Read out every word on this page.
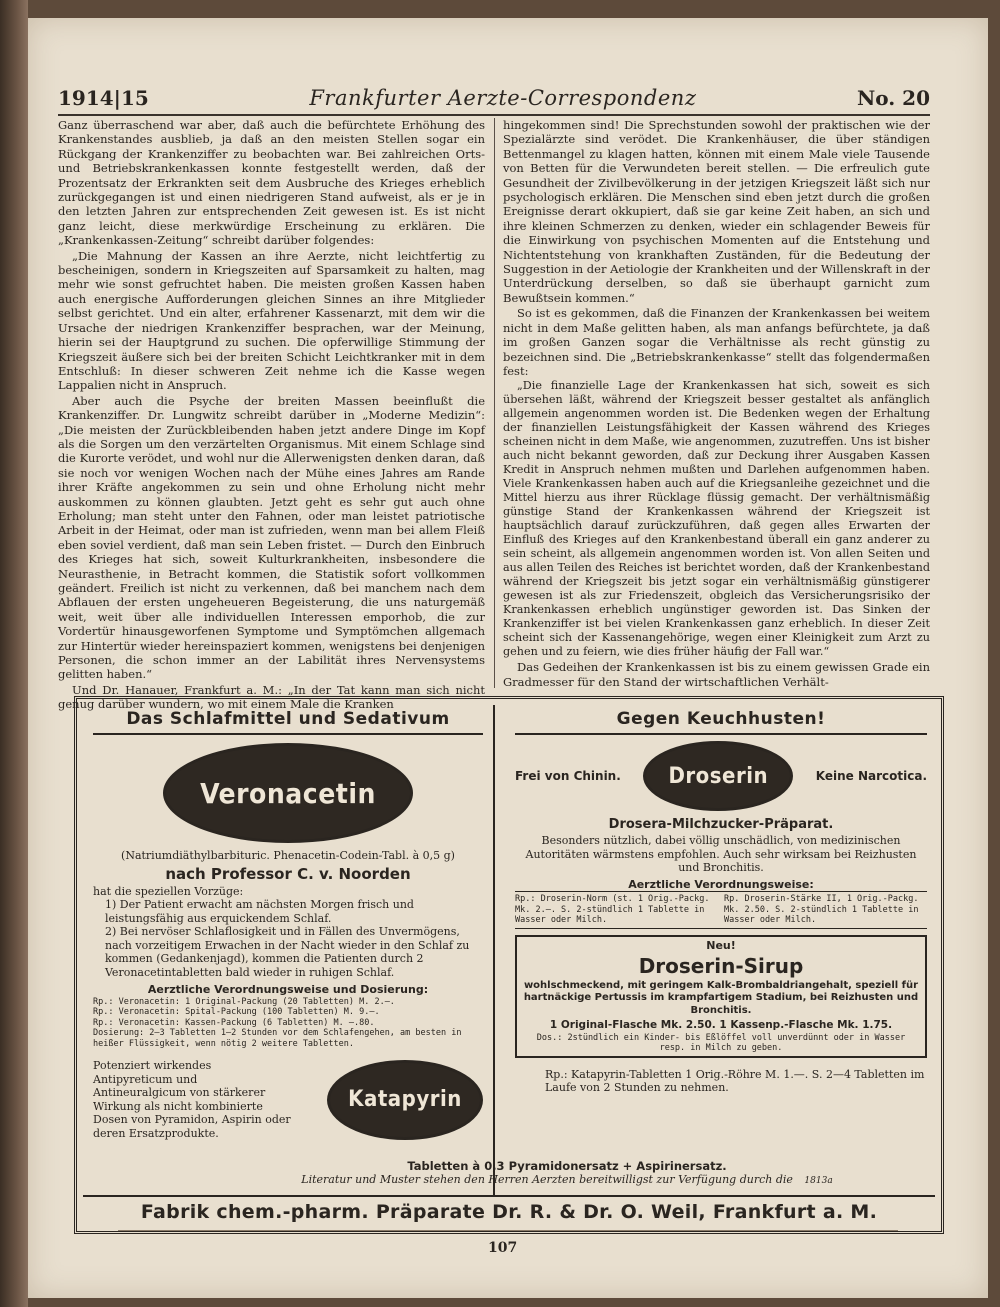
1914|15	Frankfurter Aerzte-Correspondenz	No. 20

Ganz überraschend war aber, daß auch die befürchtete Erhöhung des Krankenstandes ausblieb, ja daß an den meisten Stellen sogar ein Rückgang der Krankenziffer zu beobachten war. Bei zahlreichen Orts- und Betriebskrankenkassen konnte festgestellt werden, daß der Prozentsatz der Erkrankten seit dem Ausbruche des Krieges erheblich zurückgegangen ist und einen niedrigeren Stand aufweist, als er je in den letzten Jahren zur entsprechenden Zeit gewesen ist. Es ist nicht ganz leicht, diese merkwürdige Erscheinung zu erklären. Die „Krankenkassen-Zeitung“ schreibt darüber folgendes:

„Die Mahnung der Kassen an ihre Aerzte, nicht leichtfertig zu bescheinigen, sondern in Kriegszeiten auf Sparsamkeit zu halten, mag mehr wie sonst gefruchtet haben. Die meisten großen Kassen haben auch energische Aufforderungen gleichen Sinnes an ihre Mitglieder selbst gerichtet. Und ein alter, erfahrener Kassenarzt, mit dem wir die Ursache der niedrigen Krankenziffer besprachen, war der Meinung, hierin sei der Hauptgrund zu suchen. Die opferwillige Stimmung der Kriegszeit äußere sich bei der breiten Schicht Leichtkranker mit in dem Entschluß: In dieser schweren Zeit nehme ich die Kasse wegen Lappalien nicht in Anspruch.

Aber auch die Psyche der breiten Massen beeinflußt die Krankenziffer. Dr. Lungwitz schreibt darüber in „Moderne Medizin“: „Die meisten der Zurückbleibenden haben jetzt andere Dinge im Kopf als die Sorgen um den verzärtelten Organismus. Mit einem Schlage sind die Kurorte verödet, und wohl nur die Allerwenigsten denken daran, daß sie noch vor wenigen Wochen nach der Mühe eines Jahres am Rande ihrer Kräfte angekommen zu sein und ohne Erholung nicht mehr auskommen zu können glaubten. Jetzt geht es sehr gut auch ohne Erholung; man steht unter den Fahnen, oder man leistet patriotische Arbeit in der Heimat, oder man ist zufrieden, wenn man bei allem Fleiß eben soviel verdient, daß man sein Leben fristet. — Durch den Einbruch des Krieges hat sich, soweit Kulturkrankheiten, insbesondere die Neurasthenie, in Betracht kommen, die Statistik sofort vollkommen geändert. Freilich ist nicht zu verkennen, daß bei manchem nach dem Abflauen der ersten ungeheueren Begeisterung, die uns naturgemäß weit, weit über alle individuellen Interessen emporhob, die zur Vordertür hinausgeworfenen Symptome und Symptömchen allgemach zur Hintertür wieder hereinspaziert kommen, wenigstens bei denjenigen Personen, die schon immer an der Labilität ihres Nervensystems gelitten haben.“

Und Dr. Hanauer, Frankfurt a. M.: „In der Tat kann man sich nicht genug darüber wundern, wo mit einem Male die Kranken

hingekommen sind! Die Sprechstunden sowohl der praktischen wie der Spezialärzte sind verödet. Die Krankenhäuser, die über ständigen Bettenmangel zu klagen hatten, können mit einem Male viele Tausende von Betten für die Verwundeten bereit stellen. — Die erfreulich gute Gesundheit der Zivilbevölkerung in der jetzigen Kriegszeit läßt sich nur psychologisch erklären. Die Menschen sind eben jetzt durch die großen Ereignisse derart okkupiert, daß sie gar keine Zeit haben, an sich und ihre kleinen Schmerzen zu denken, wieder ein schlagender Beweis für die Einwirkung von psychischen Momenten auf die Entstehung und Nichtentstehung von krankhaften Zuständen, für die Bedeutung der Suggestion in der Aetiologie der Krankheiten und der Willenskraft in der Unterdrückung derselben, so daß sie überhaupt garnicht zum Bewußtsein kommen.“

So ist es gekommen, daß die Finanzen der Krankenkassen bei weitem nicht in dem Maße gelitten haben, als man anfangs befürchtete, ja daß im großen Ganzen sogar die Verhältnisse als recht günstig zu bezeichnen sind. Die „Betriebskrankenkasse“ stellt das folgendermaßen fest:

„Die finanzielle Lage der Krankenkassen hat sich, soweit es sich übersehen läßt, während der Kriegszeit besser gestaltet als anfänglich allgemein angenommen worden ist. Die Bedenken wegen der Erhaltung der finanziellen Leistungsfähigkeit der Kassen während des Krieges scheinen nicht in dem Maße, wie angenommen, zuzutreffen. Uns ist bisher auch nicht bekannt geworden, daß zur Deckung ihrer Ausgaben Kassen Kredit in Anspruch nehmen mußten und Darlehen aufgenommen haben. Viele Krankenkassen haben auch auf die Kriegsanleihe gezeichnet und die Mittel hierzu aus ihrer Rücklage flüssig gemacht. Der verhältnismäßig günstige Stand der Krankenkassen während der Kriegszeit ist hauptsächlich darauf zurückzuführen, daß gegen alles Erwarten der Einfluß des Krieges auf den Krankenbestand überall ein ganz anderer zu sein scheint, als allgemein angenommen worden ist. Von allen Seiten und aus allen Teilen des Reiches ist berichtet worden, daß der Krankenbestand während der Kriegszeit bis jetzt sogar ein verhältnismäßig günstigerer gewesen ist als zur Friedenszeit, obgleich das Versicherungsrisiko der Krankenkassen erheblich ungünstiger geworden ist. Das Sinken der Krankenziffer ist bei vielen Krankenkassen ganz erheblich. In dieser Zeit scheint sich der Kassenangehörige, wegen einer Kleinigkeit zum Arzt zu gehen und zu feiern, wie dies früher häufig der Fall war.“

Das Gedeihen der Krankenkassen ist bis zu einem gewissen Grade ein Gradmesser für den Stand der wirtschaftlichen Verhält-

Das Schlafmittel und Sedativum
Veronacetin
(Natriumdiäthylbarbituric. Phenacetin-Codein-Tabl. à 0,5 g)
nach Professor C. v. Noorden
hat die speziellen Vorzüge:
1) Der Patient erwacht am nächsten Morgen frisch und leistungsfähig aus erquickendem Schlaf.
2) Bei nervöser Schlaflosigkeit und in Fällen des Unvermögens, nach vorzeitigem Erwachen in der Nacht wieder in den Schlaf zu kommen (Gedankenjagd), kommen die Patienten durch 2 Veronacetintabletten bald wieder in ruhigen Schlaf.
Aerztliche Verordnungsweise und Dosierung:
Rp.: Veronacetin: 1 Original-Packung (20 Tabletten) M. 2.—.
Rp.: Veronacetin: Spital-Packung (100 Tabletten) M. 9.—.
Rp.: Veronacetin: Kassen-Packung (6 Tabletten) M. —.80.
Dosierung: 2—3 Tabletten 1—2 Stunden vor dem Schlafengehen, am besten in heißer Flüssigkeit, wenn nötig 2 weitere Tabletten.
Potenziert wirkendes Antipyreticum und Antineuralgicum von stärkerer Wirkung als nicht kombinierte Dosen von Pyramidon, Aspirin oder deren Ersatzprodukte.
Katapyrin
Gegen Keuchhusten!
Frei von Chinin. Droserin	Keine Narcotica.
Drosera-Milchzucker-Präparat.
Besonders nützlich, dabei völlig unschädlich, von medizinischen Autoritäten wärmstens empfohlen. Auch sehr wirksam bei Reizhusten und Bronchitis.
Aerztliche Verordnungsweise:
Rp.: Droserin-Norm (st. 1 Orig.-Packg. Mk. 2.—. S. 2-stündlich 1 Tablette in Wasser oder Milch.
Rp. Droserin-Stärke II, 1 Orig.-Packg. Mk. 2.50. S. 2-stündlich 1 Tablette in Wasser oder Milch.
Neu!
Droserin-Sirup
wohlschmeckend, mit geringem Kalk-Brombaldriangehalt, speziell für hartnäckige Pertussis im krampfartigem Stadium, bei Reizhusten und Bronchitis.
1 Original-Flasche Mk. 2.50. 1 Kassenp.-Flasche Mk. 1.75.
Dos.: 2stündlich ein Kinder- bis Eßlöffel voll unverdünnt oder in Wasser resp. in Milch zu geben.
Rp.: Katapyrin-Tabletten 1 Orig.-Röhre M. 1.—. S. 2—4 Tabletten im Laufe von 2 Stunden zu nehmen.
Tabletten à 0,3 Pyramidonersatz + Aspirinersatz.
Literatur und Muster stehen den Herren Aerzten bereitwilligst zur Verfügung durch die 1813a
Fabrik chem.-pharm. Präparate Dr. R. & Dr. O. Weil, Frankfurt a. M.
107
